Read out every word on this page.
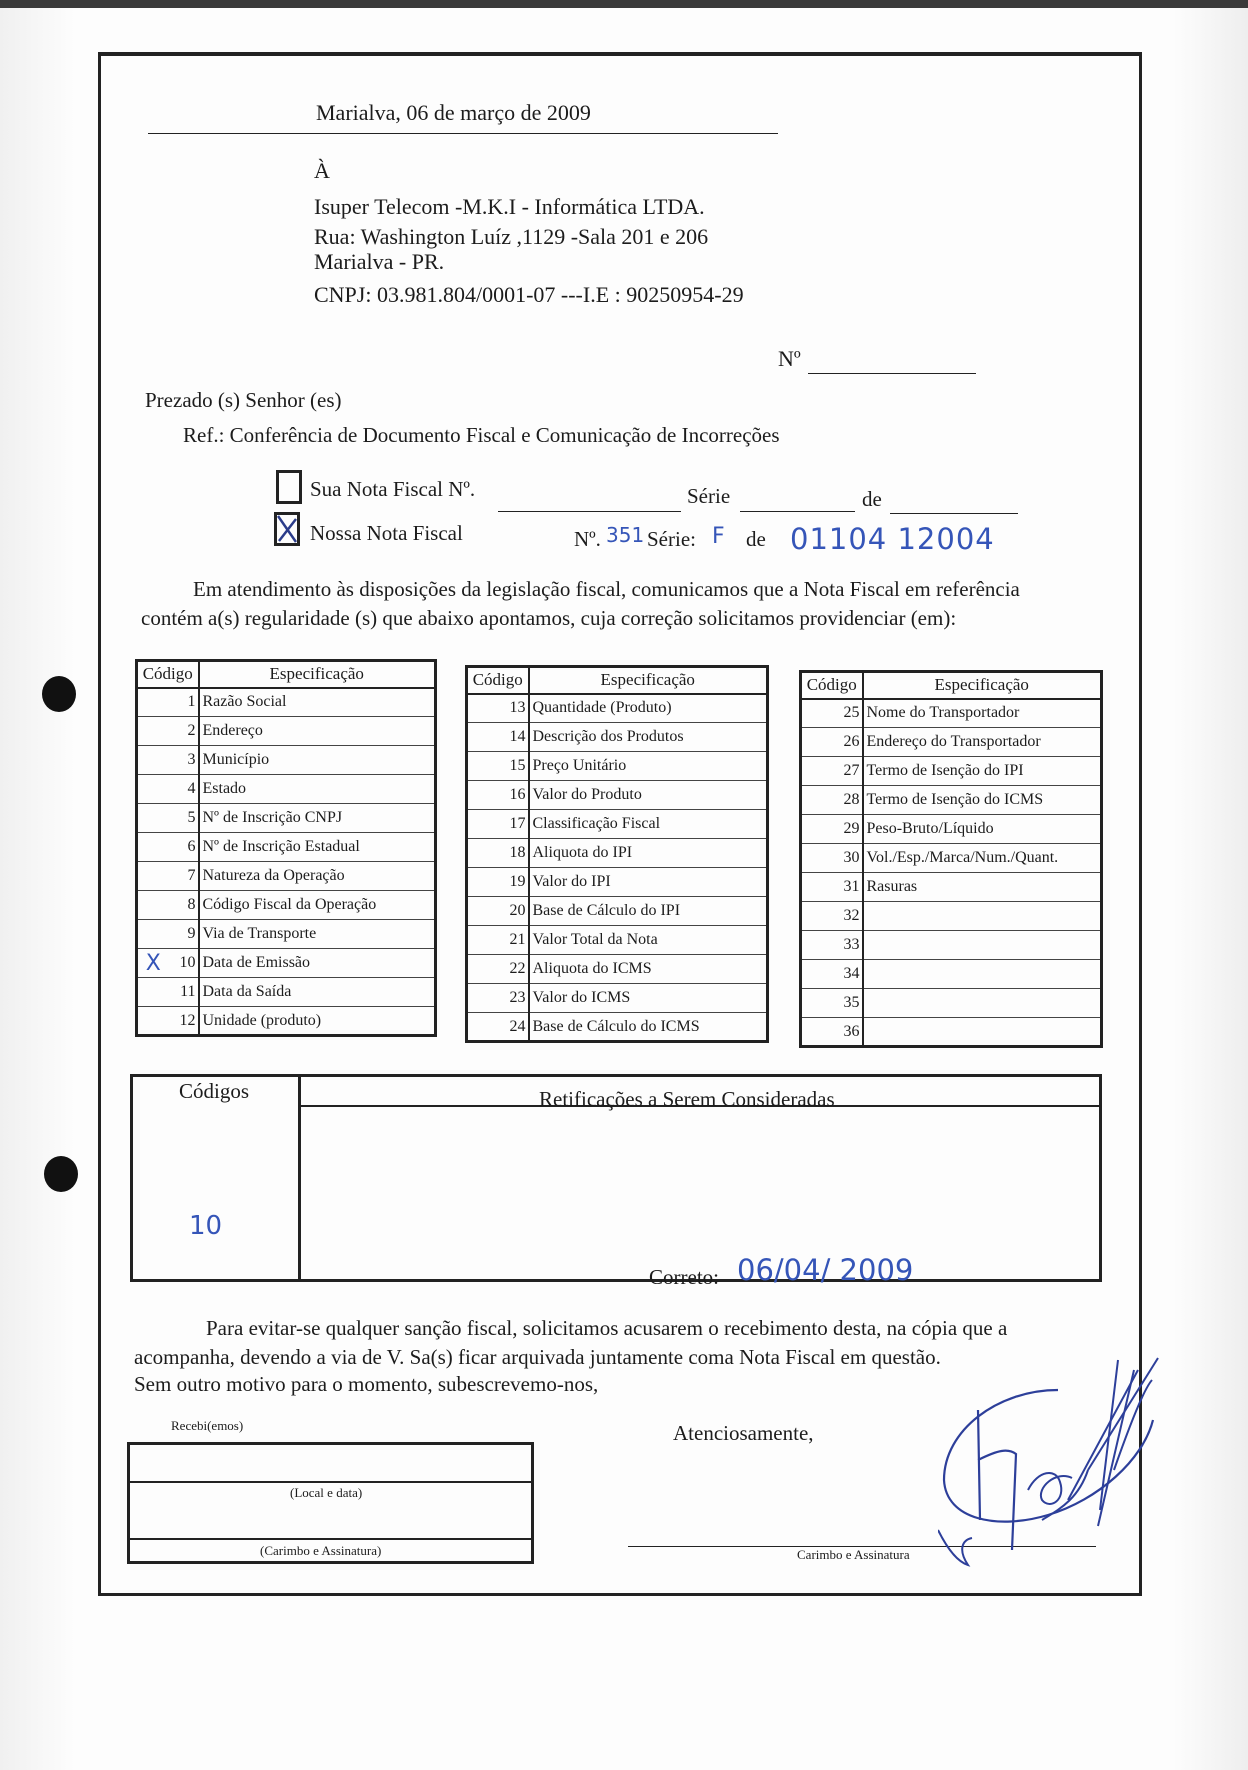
Marialva, 06 de março de 2009
À
Isuper Telecom -M.K.I - Informática LTDA.
Rua: Washington Luíz ,1129 -Sala 201 e 206
Marialva - PR.
CNPJ: 03.981.804/0001-07 ---I.E : 90250954-29
Nº
Prezado (s) Senhor (es)
Ref.: Conferência de Documento Fiscal e Comunicação de Incorreções
Sua Nota Fiscal Nº.	Série	de
Nossa Nota Fiscal	Nº. 351 Série: F de 01104 12004
Em atendimento às disposições da legislação fiscal, comunicamos que a Nota Fiscal em referência
contém a(s) regularidade (s) que abaixo apontamos, cuja correção solicitamos providenciar (em):
Código		Especificação
	1	Razão Social
	2	Endereço
	3	Município
	4	Estado
	5	Nº de Inscrição CNPJ
	6	Nº de Inscrição Estadual
	7	Natureza da Operação
	8	Código Fiscal da Operação
	9	Via de Transporte
X	10	Data de Emissão
	11	Data da Saída
	12	Unidade (produto)
Código		Especificação
	13	Quantidade (Produto)
	14	Descrição dos Produtos
	15	Preço Unitário
	16	Valor do Produto
	17	Classificação Fiscal
	18	Aliquota do IPI
	19	Valor do IPI
	20	Base de Cálculo do IPI
	21	Valor Total da Nota
	22	Aliquota do ICMS
	23	Valor do ICMS
	24	Base de Cálculo do ICMS
Código		Especificação
	25	Nome do Transportador
	26	Endereço do Transportador
	27	Termo de Isenção do IPI
	28	Termo de Isenção do ICMS
	29	Peso-Bruto/Líquido
	30	Vol./Esp./Marca/Num./Quant.
	31	Rasuras
	32	
	33	
	34	
	35	
	36	
Códigos	Retificações a Serem Consideradas
10
Correto: 06/04/ 2009
Para evitar-se qualquer sanção fiscal, solicitamos acusarem o recebimento desta, na cópia que a
acompanha, devendo a via de V. Sa(s) ficar arquivada juntamente coma Nota Fiscal em questão.
Sem outro motivo para o momento, subescrevemo-nos,
Recebi(emos)
(Local e data)
(Carimbo e Assinatura)
Atenciosamente,
Carimbo e Assinatura
